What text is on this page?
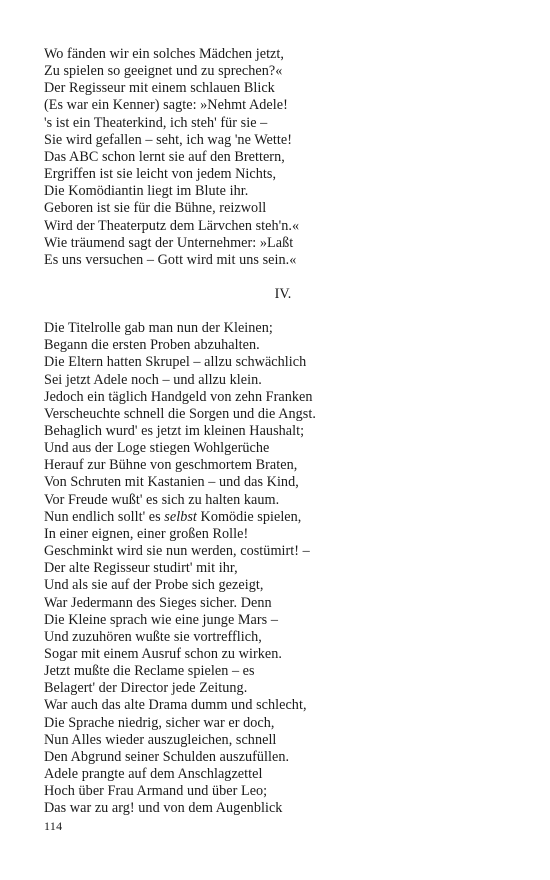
Wo fänden wir ein solches Mädchen jetzt,
Zu spielen so geeignet und zu sprechen?«
Der Regisseur mit einem schlauen Blick
(Es war ein Kenner) sagte: »Nehmt Adele!
's ist ein Theaterkind, ich steh' für sie –
Sie wird gefallen – seht, ich wag 'ne Wette!
Das ABC schon lernt sie auf den Brettern,
Ergriffen ist sie leicht von jedem Nichts,
Die Komödiantin liegt im Blute ihr.
Geboren ist sie für die Bühne, reizwoll
Wird der Theaterputz dem Lärvchen steh'n.«
Wie träumend sagt der Unternehmer: »Laßt
Es uns versuchen – Gott wird mit uns sein.«
IV.
Die Titelrolle gab man nun der Kleinen;
Begann die ersten Proben abzuhalten.
Die Eltern hatten Skrupel – allzu schwächlich
Sei jetzt Adele noch – und allzu klein.
Jedoch ein täglich Handgeld von zehn Franken
Verscheuchte schnell die Sorgen und die Angst.
Behaglich wurd' es jetzt im kleinen Haushalt;
Und aus der Loge stiegen Wohlgerüche
Herauf zur Bühne von geschmortem Braten,
Von Schruten mit Kastanien – und das Kind,
Vor Freude wußt' es sich zu halten kaum.
Nun endlich sollt' es selbst Komödie spielen,
In einer eignen, einer großen Rolle!
Geschminkt wird sie nun werden, costümirt! –
Der alte Regisseur studirt' mit ihr,
Und als sie auf der Probe sich gezeigt,
War Jedermann des Sieges sicher. Denn
Die Kleine sprach wie eine junge Mars –
Und zuzuhören wußte sie vortrefflich,
Sogar mit einem Ausruf schon zu wirken.
Jetzt mußte die Reclame spielen – es
Belagert' der Director jede Zeitung.
War auch das alte Drama dumm und schlecht,
Die Sprache niedrig, sicher war er doch,
Nun Alles wieder auszugleichen, schnell
Den Abgrund seiner Schulden auszufüllen.
Adele prangte auf dem Anschlagzettel
Hoch über Frau Armand und über Leo;
Das war zu arg! und von dem Augenblick
114
